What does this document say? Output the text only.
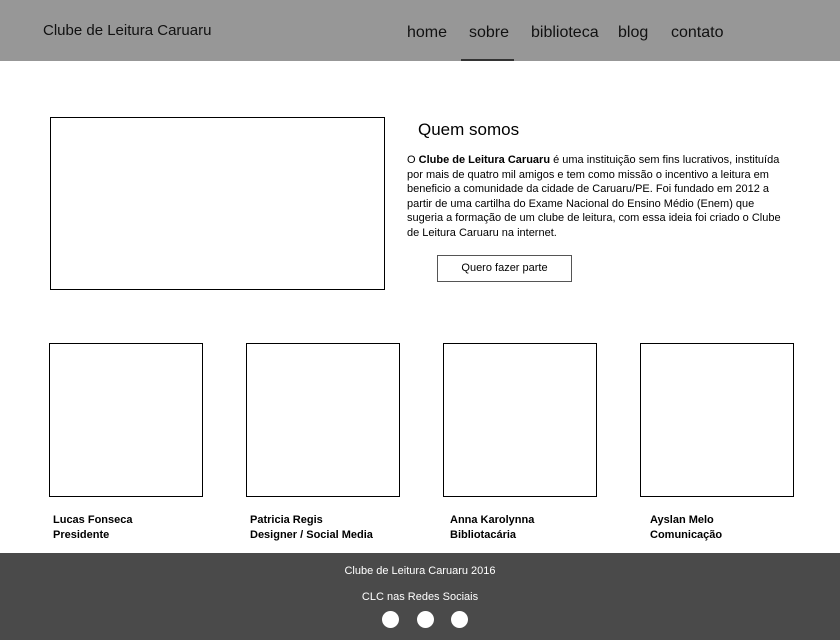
Clube de Leitura Caruaru	home sobre biblioteca blog contato
Quem somos
O Clube de Leitura Caruaru é uma instituição sem fins lucrativos, instituída por mais de quatro mil amigos e tem como missão o incentivo a leitura em beneficio a comunidade da cidade de Caruaru/PE. Foi fundado em 2012 a partir de uma cartilha do Exame Nacional do Ensino Médio (Enem) que sugeria a formação de um clube de leitura, com essa ideia foi criado o Clube de Leitura Caruaru na internet.
Quero fazer parte
Lucas Fonseca
Presidente
Patricia Regis
Designer / Social Media
Anna Karolynna
Bibliotacária
Ayslan Melo
Comunicação
Clube de Leitura Caruaru 2016
CLC nas Redes Sociais
